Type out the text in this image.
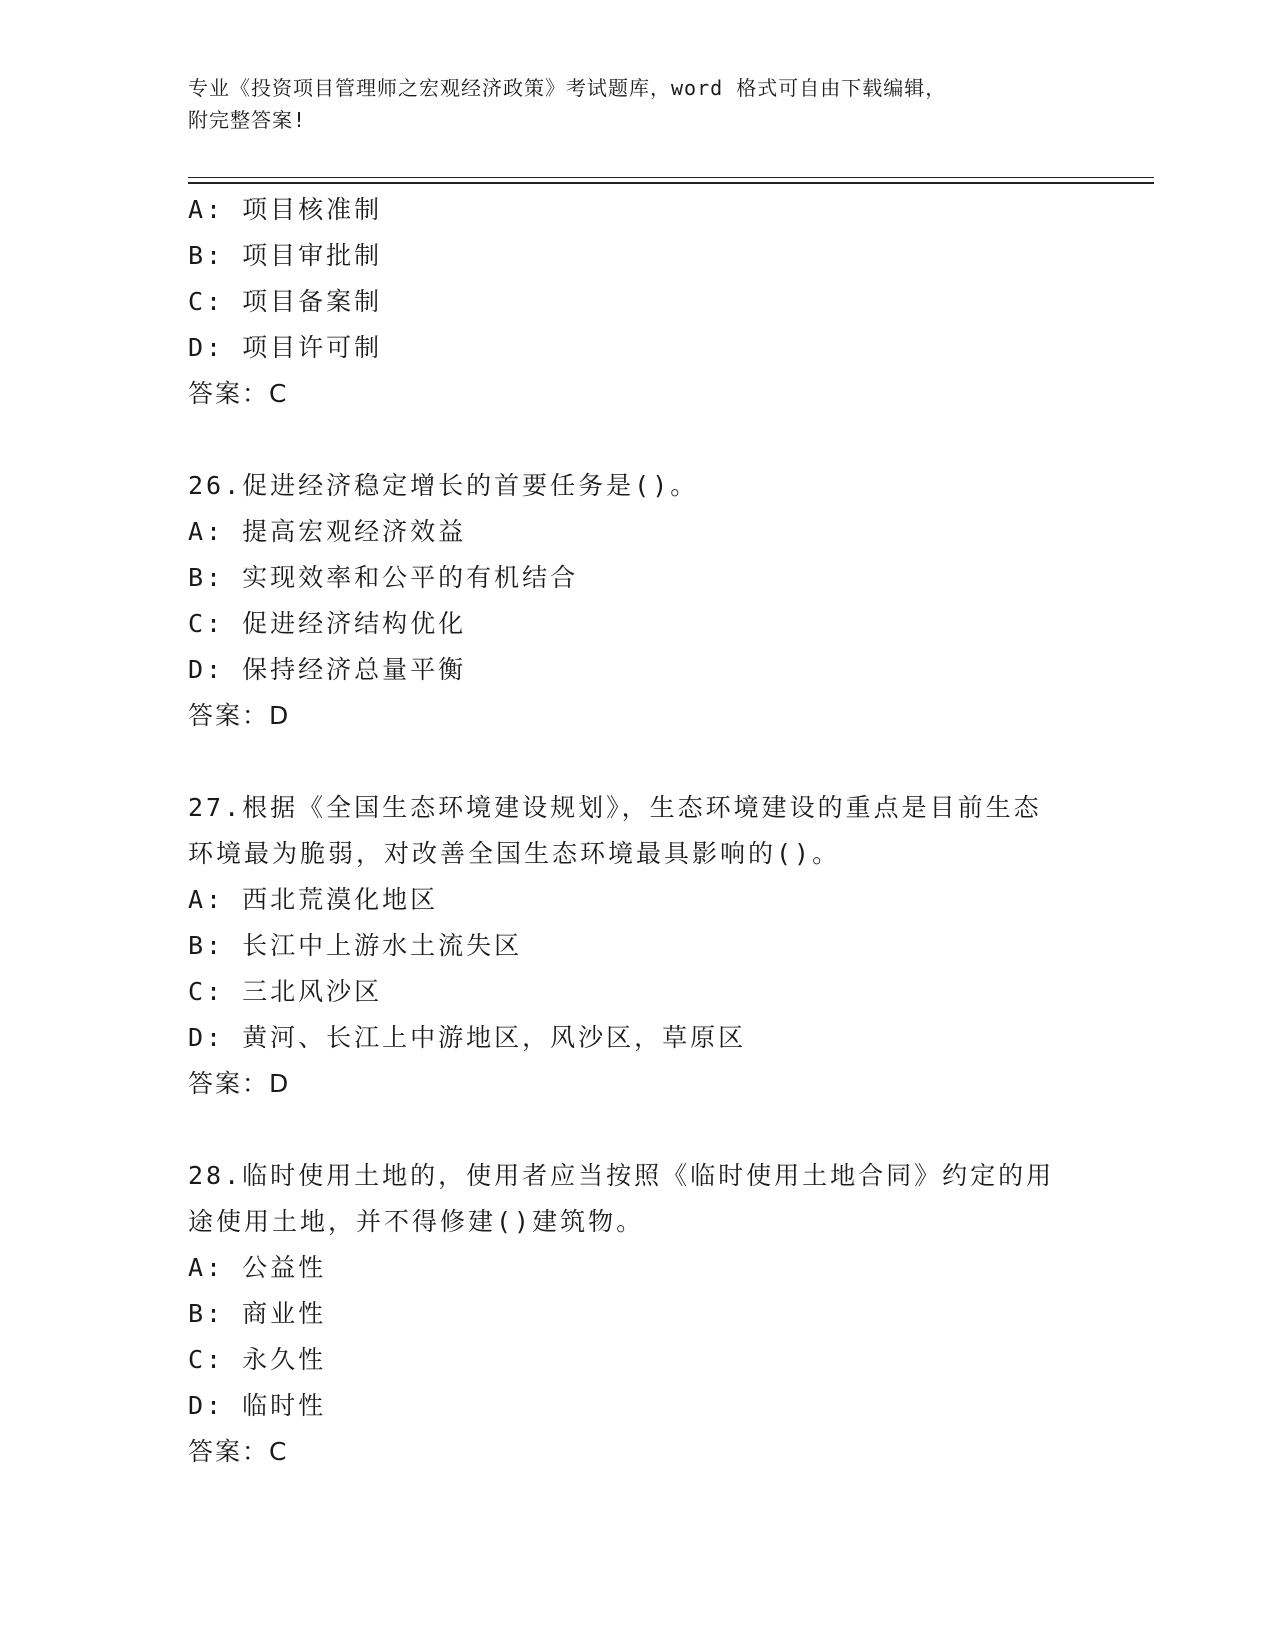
专业《投资项目管理师之宏观经济政策》考试题库，word 格式可自由下载编辑，
附完整答案!
A: 项目核准制
B: 项目审批制
C: 项目备案制
D: 项目许可制
答案：C
26.促进经济稳定增长的首要任务是()。
A: 提高宏观经济效益
B: 实现效率和公平的有机结合
C: 促进经济结构优化
D: 保持经济总量平衡
答案：D
27.根据《全国生态环境建设规划》，生态环境建设的重点是目前生态
环境最为脆弱，对改善全国生态环境最具影响的()。
A: 西北荒漠化地区
B: 长江中上游水土流失区
C: 三北风沙区
D: 黄河、长江上中游地区，风沙区，草原区
答案：D
28.临时使用土地的，使用者应当按照《临时使用土地合同》约定的用
途使用土地，并不得修建()建筑物。
A: 公益性
B: 商业性
C: 永久性
D: 临时性
答案：C
